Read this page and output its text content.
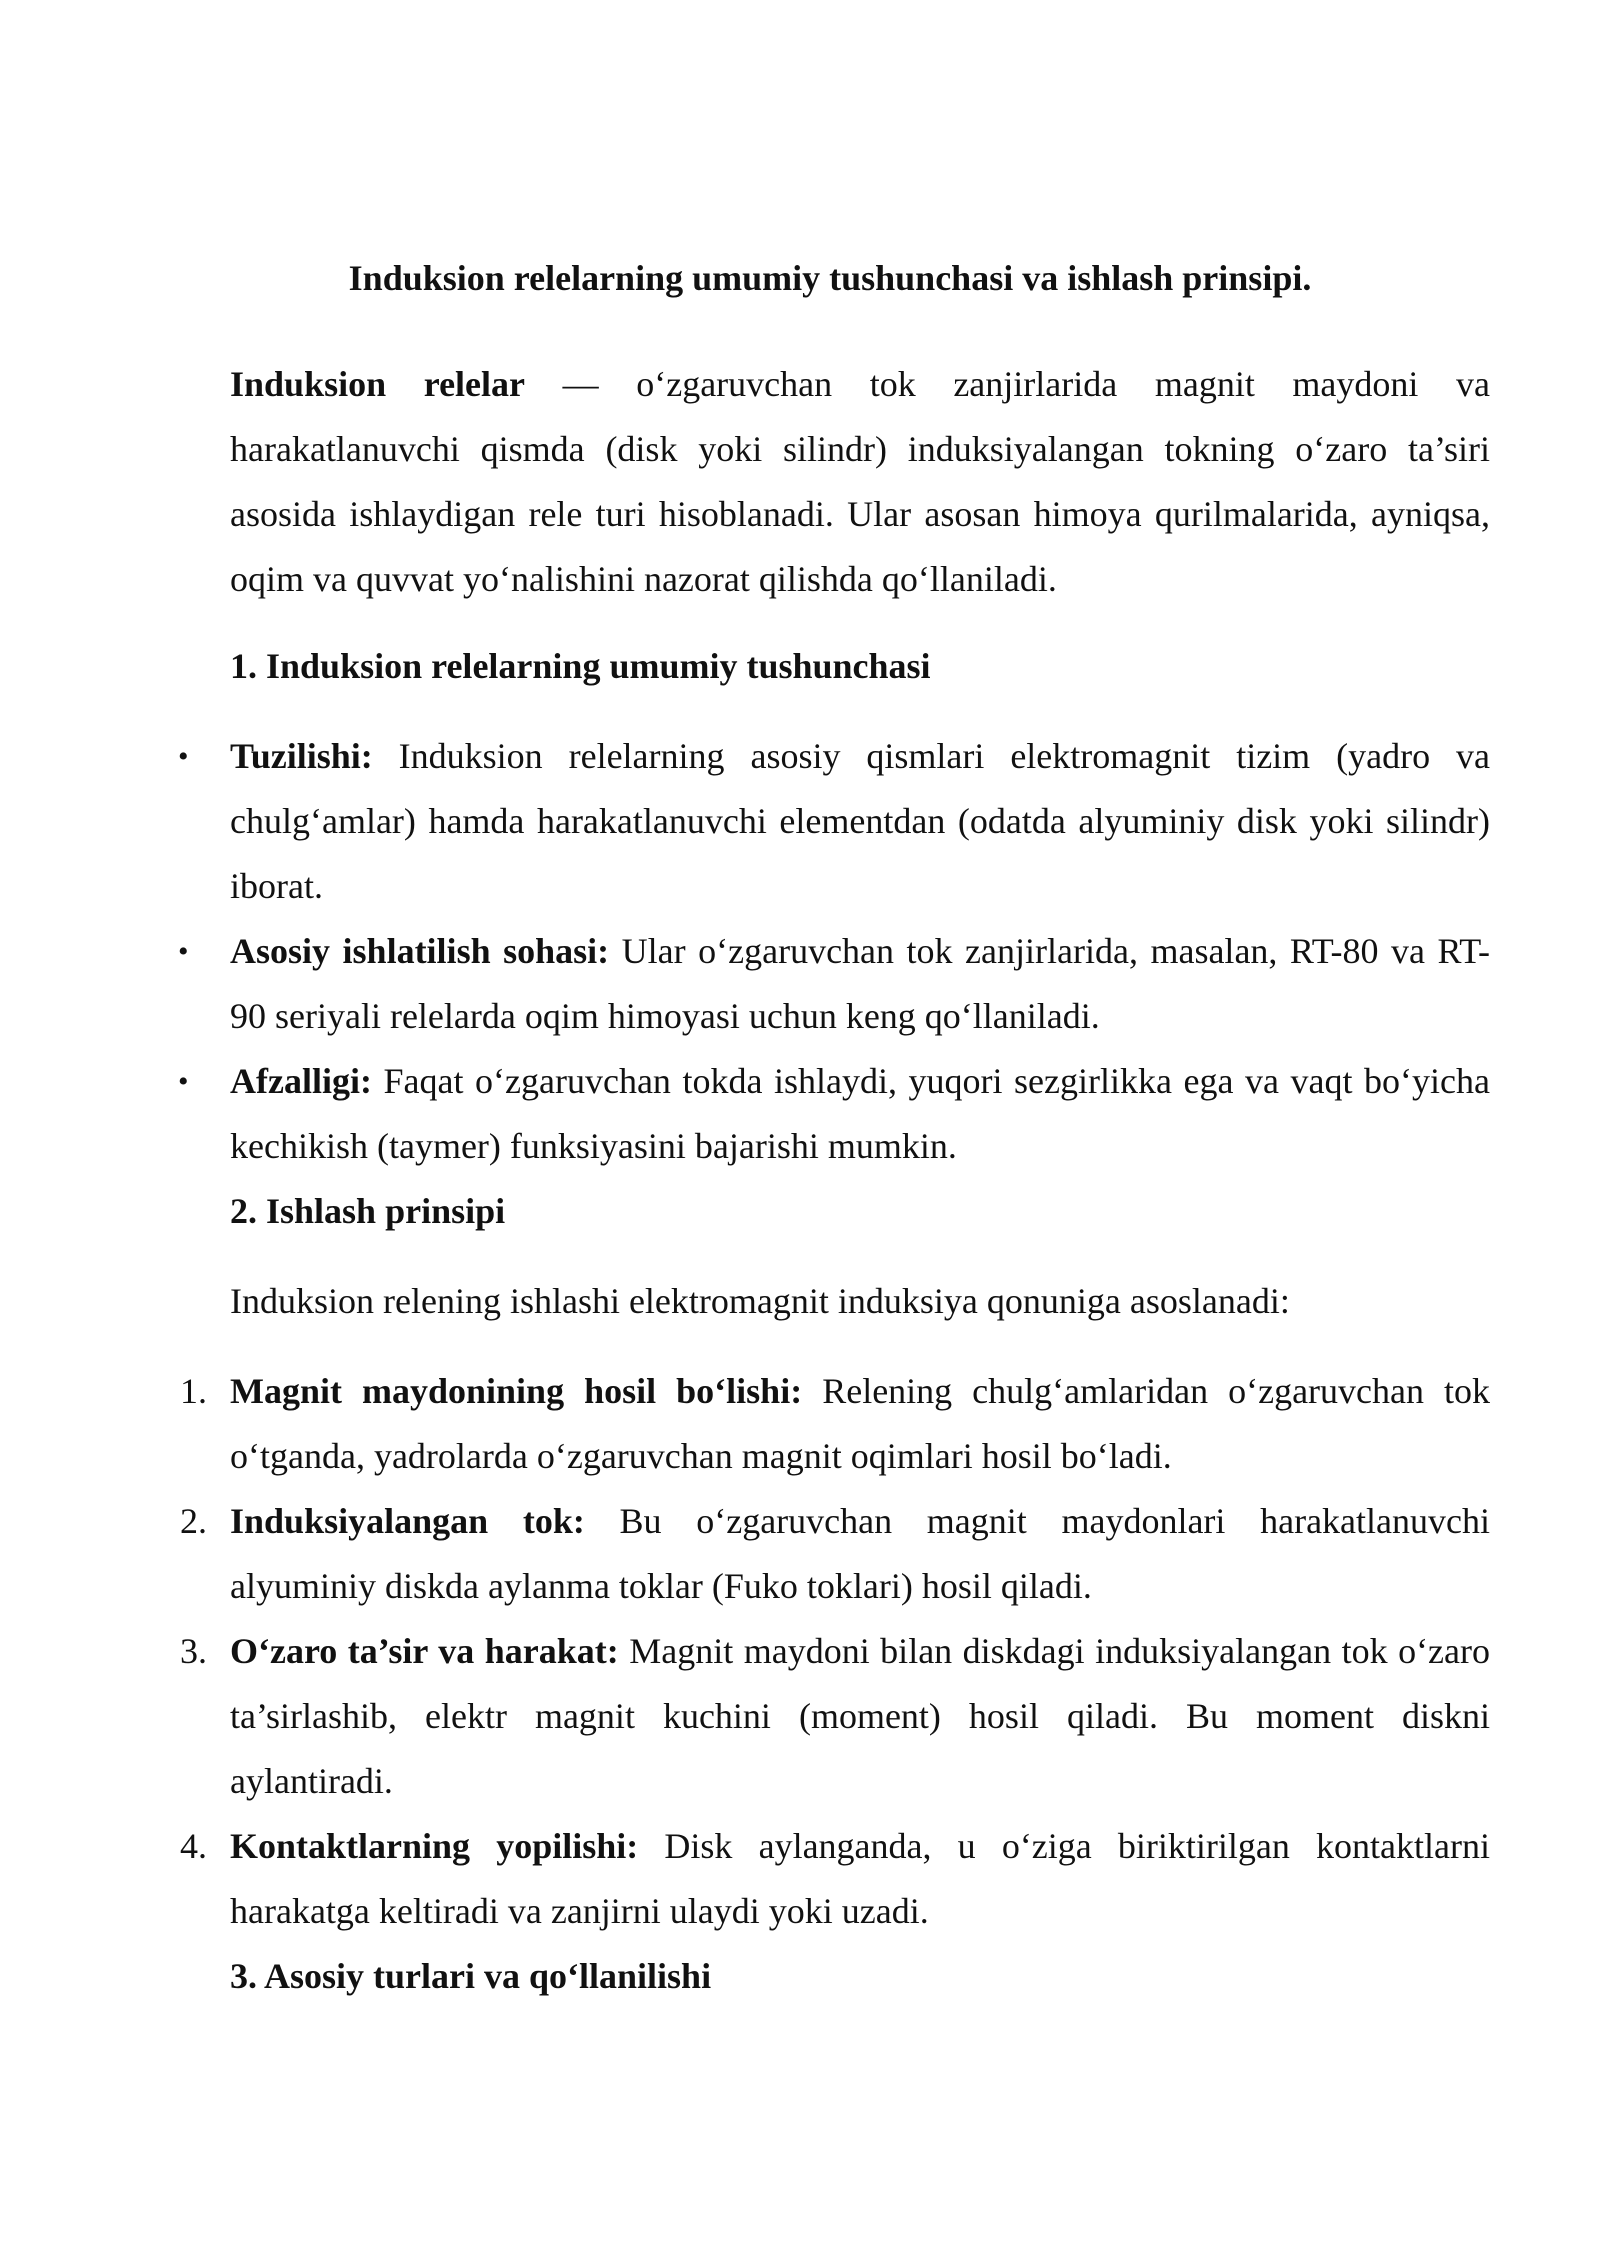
Induksion relelarning umumiy tushunchasi va ishlash prinsipi.

Induksion relelar — o‘zgaruvchan tok zanjirlarida magnit maydoni va harakatlanuvchi qismda (disk yoki silindr) induksiyalangan tokning o‘zaro ta’siri asosida ishlaydigan rele turi hisoblanadi. Ular asosan himoya qurilmalarida, ayniqsa, oqim va quvvat yo‘nalishini nazorat qilishda qo‘llaniladi.

1. Induksion relelarning umumiy tushunchasi
• Tuzilishi: Induksion relelarning asosiy qismlari elektromagnit tizim (yadro va chulg‘amlar) hamda harakatlanuvchi elementdan (odatda alyuminiy disk yoki silindr) iborat.
• Asosiy ishlatilish sohasi: Ular o‘zgaruvchan tok zanjirlarida, masalan, RT-80 va RT-90 seriyali relelarda oqim himoyasi uchun keng qo‘llaniladi.
• Afzalligi: Faqat o‘zgaruvchan tokda ishlaydi, yuqori sezgirlikka ega va vaqt bo‘yicha kechikish (taymer) funksiyasini bajarishi mumkin.
2. Ishlash prinsipi

Induksion relening ishlashi elektromagnit induksiya qonuniga asoslanadi:

1. Magnit maydonining hosil bo‘lishi: Relening chulg‘amlaridan o‘zgaruvchan tok o‘tganda, yadrolarda o‘zgaruvchan magnit oqimlari hosil bo‘ladi.
2. Induksiyalangan tok: Bu o‘zgaruvchan magnit maydonlari harakatlanuvchi alyuminiy diskda aylanma toklar (Fuko toklari) hosil qiladi.
3. O‘zaro ta’sir va harakat: Magnit maydoni bilan diskdagi induksiyalangan tok o‘zaro ta’sirlashib, elektr magnit kuchini (moment) hosil qiladi. Bu moment diskni aylantiradi.
4. Kontaktlarning yopilishi: Disk aylanganda, u o‘ziga biriktirilgan kontaktlarni harakatga keltiradi va zanjirni ulaydi yoki uzadi.
3. Asosiy turlari va qo‘llanilishi
